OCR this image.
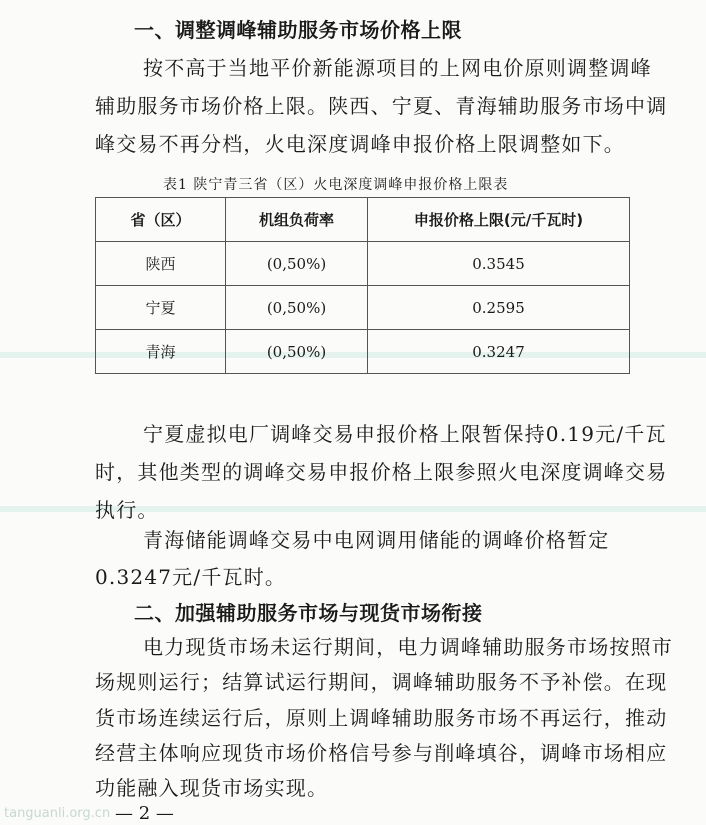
一、调整调峰辅助服务市场价格上限
按不高于当地平价新能源项目的上网电价原则调整调峰
辅助服务市场价格上限。陕西、宁夏、青海辅助服务市场中调
峰交易不再分档，火电深度调峰申报价格上限调整如下。
表1 陕宁青三省（区）火电深度调峰申报价格上限表
省（区）	机组负荷率	申报价格上限(元/千瓦时)
陕西	(0,50%)	0.3545
宁夏	(0,50%)	0.2595
青海	(0,50%)	0.3247
宁夏虚拟电厂调峰交易申报价格上限暂保持0.19元/千瓦
时，其他类型的调峰交易申报价格上限参照火电深度调峰交易
执行。
青海储能调峰交易中电网调用储能的调峰价格暂定
0.3247元/千瓦时。
二、加强辅助服务市场与现货市场衔接
电力现货市场未运行期间，电力调峰辅助服务市场按照市
场规则运行；结算试运行期间，调峰辅助服务不予补偿。在现
货市场连续运行后，原则上调峰辅助服务市场不再运行，推动
经营主体响应现货市场价格信号参与削峰填谷，调峰市场相应
功能融入现货市场实现。
tanguanli.org.cn — 2 —
